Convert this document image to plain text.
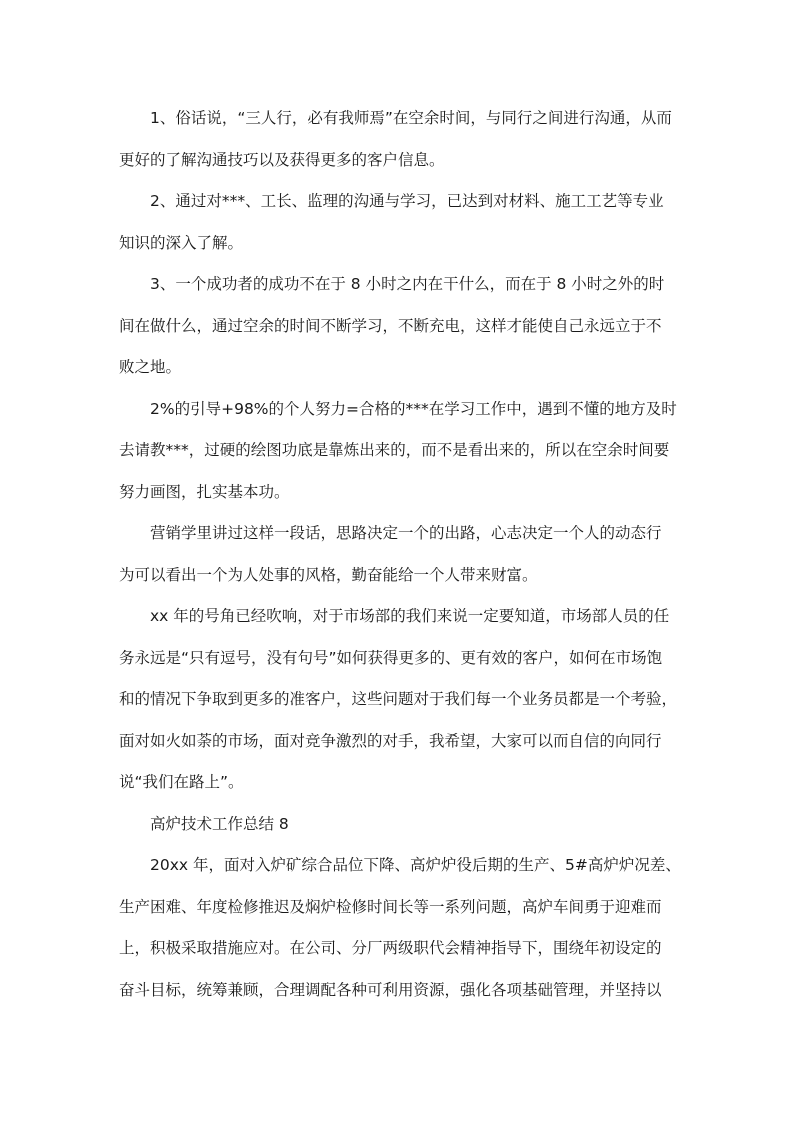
1、俗话说，“三人行，必有我师焉”在空余时间，与同行之间进行沟通，从而
更好的了解沟通技巧以及获得更多的客户信息。

2、通过对***、工长、监理的沟通与学习，已达到对材料、施工工艺等专业
知识的深入了解。

3、一个成功者的成功不在于 8 小时之内在干什么，而在于 8 小时之外的时
间在做什么，通过空余的时间不断学习，不断充电，这样才能使自己永远立于不
败之地。

2%的引导+98%的个人努力=合格的***在学习工作中，遇到不懂的地方及时
去请教***，过硬的绘图功底是靠炼出来的，而不是看出来的，所以在空余时间要
努力画图，扎实基本功。

营销学里讲过这样一段话，思路决定一个的出路，心志决定一个人的动态行
为可以看出一个为人处事的风格，勤奋能给一个人带来财富。

xx 年的号角已经吹响，对于市场部的我们来说一定要知道，市场部人员的任
务永远是“只有逗号，没有句号”如何获得更多的、更有效的客户，如何在市场饱
和的情况下争取到更多的准客户，这些问题对于我们每一个业务员都是一个考验，
面对如火如荼的市场，面对竞争激烈的对手，我希望，大家可以而自信的向同行
说“我们在路上”。

高炉技术工作总结 8

20xx 年，面对入炉矿综合品位下降、高炉炉役后期的生产、5#高炉炉况差、
生产困难、年度检修推迟及焖炉检修时间长等一系列问题，高炉车间勇于迎难而
上，积极采取措施应对。在公司、分厂两级职代会精神指导下，围绕年初设定的
奋斗目标，统筹兼顾，合理调配各种可利用资源，强化各项基础管理，并坚持以
